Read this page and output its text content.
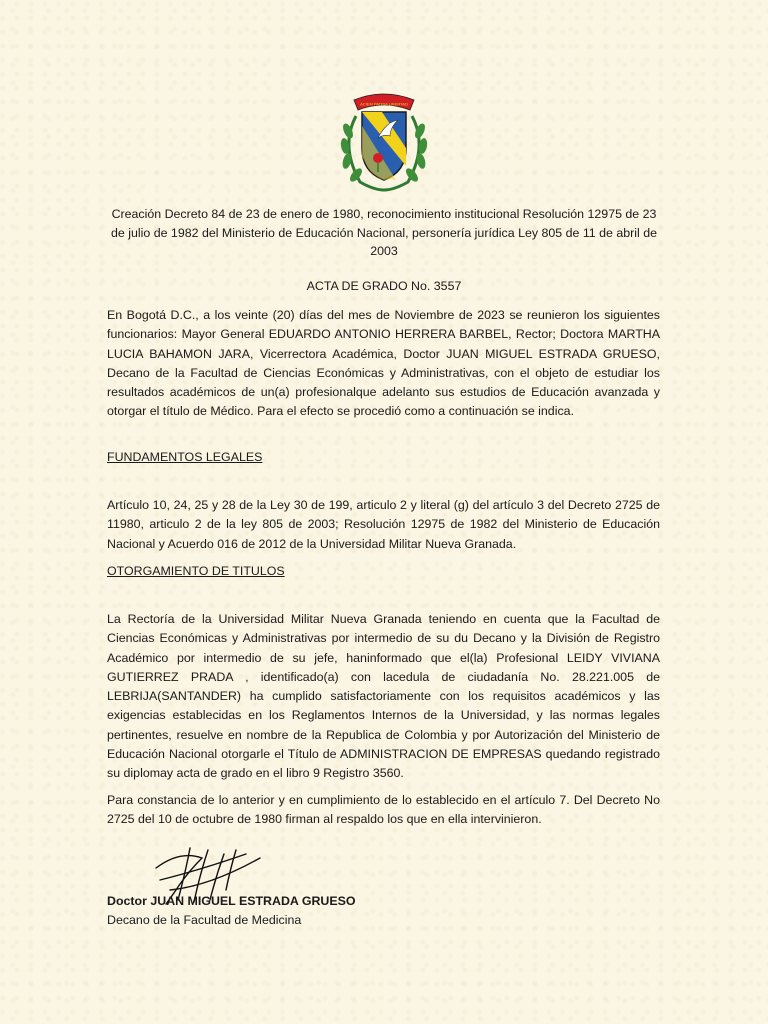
ACIEM PATRIA LIBERTAD
Creación Decreto 84 de 23 de enero de 1980, reconocimiento institucional Resolución 12975 de 23 de julio de 1982 del Ministerio de Educación Nacional, personería jurídica Ley 805 de 11 de abril de 2003
ACTA DE GRADO No. 3557
En Bogotá D.C., a los veinte (20) días del mes de Noviembre de 2023 se reunieron los siguientes funcionarios: Mayor General EDUARDO ANTONIO HERRERA BARBEL, Rector; Doctora MARTHA LUCIA BAHAMON JARA, Vicerrectora Académica, Doctor JUAN MIGUEL ESTRADA GRUESO, Decano de la Facultad de Ciencias Económicas y Administrativas, con el objeto de estudiar los resultados académicos de un(a) profesionalque adelanto sus estudios de Educación avanzada y otorgar el título de Médico. Para el efecto se procedió como a continuación se indica.
FUNDAMENTOS LEGALES
Artículo 10, 24, 25 y 28 de la Ley 30 de 199, articulo 2 y literal (g) del artículo 3 del Decreto 2725 de 11980, articulo 2 de la ley 805 de 2003; Resolución 12975 de 1982 del Ministerio de Educación Nacional y Acuerdo 016 de 2012 de la Universidad Militar Nueva Granada.
OTORGAMIENTO DE TITULOS
La Rectoría de la Universidad Militar Nueva Granada teniendo en cuenta que la Facultad de Ciencias Económicas y Administrativas por intermedio de su du Decano y la División de Registro Académico por intermedio de su jefe, haninformado que el(la) Profesional LEIDY VIVIANA GUTIERREZ PRADA , identificado(a) con lacedula de ciudadanía No. 28.221.005 de LEBRIJA(SANTANDER) ha cumplido satisfactoriamente con los requisitos académicos y las exigencias establecidas en los Reglamentos Internos de la Universidad, y las normas legales pertinentes, resuelve en nombre de la Republica de Colombia y por Autorización del Ministerio de Educación Nacional otorgarle el Título de ADMINISTRACION DE EMPRESAS quedando registrado su diplomay acta de grado en el libro 9 Registro 3560.
Para constancia de lo anterior y en cumplimiento de lo establecido en el artículo 7. Del Decreto No 2725 del 10 de octubre de 1980 firman al respaldo los que en ella intervinieron.
Doctor JUAN MIGUEL ESTRADA GRUESO
Decano de la Facultad de Medicina
